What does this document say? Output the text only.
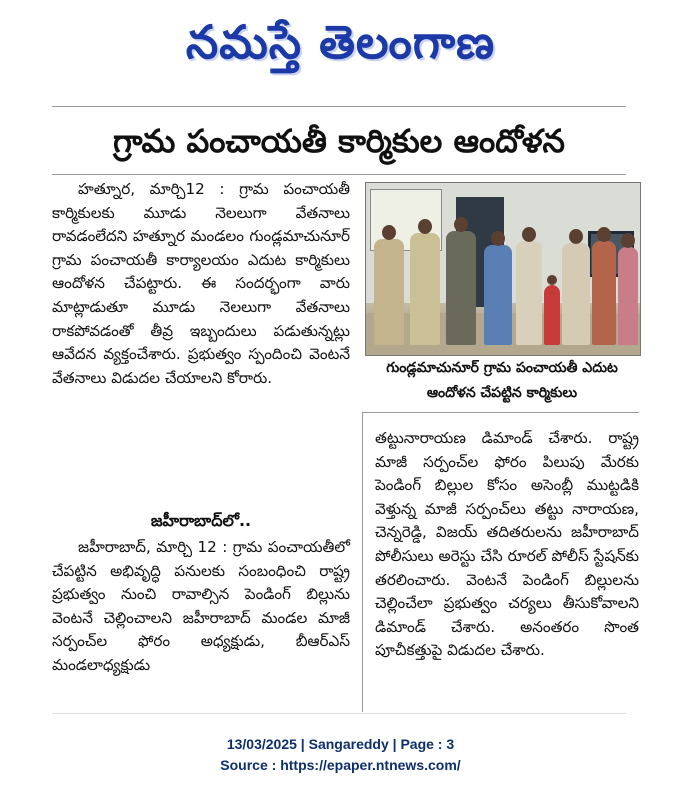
నమస్తే తెలంగాణ
గ్రామ పంచాయతీ కార్మికుల ఆందోళన

హత్నూర, మార్చి12 : గ్రామ పంచాయతీ కార్మికులకు మూడు నెలలుగా వేతనాలు రావడంలేదని హత్నూర మండలం గుండ్లమాచునూర్ గ్రామ పంచాయతీ కార్యాలయం ఎదుట కార్మికులు ఆందోళన చేపట్టారు. ఈ సందర్భంగా వారు మాట్లాడుతూ మూడు నెలలుగా వేతనాలు రాకపోవడంతో తీవ్ర ఇబ్బందులు పడుతున్నట్లు ఆవేదన వ్యక్తంచేశారు. ప్రభుత్వం స్పందించి వెంటనే వేతనాలు విడుదల చేయాలని కోరారు.

గుండ్లమాచునూర్ గ్రామ పంచాయతీ ఎదుట
ఆందోళన చేపట్టిన కార్మికులు
జహీరాబాద్‌లో..

జహీరాబాద్, మార్చి 12 : గ్రామ పంచాయతీలో చేపట్టిన అభివృద్ధి పనులకు సంబంధించి రాష్ట్ర ప్రభుత్వం నుంచి రావాల్సిన పెండింగ్ బిల్లును వెంటనే చెల్లించాలని జహీరాబాద్ మండల మాజీ సర్పంచ్‌ల ఫోరం అధ్యక్షుడు, బీఆర్ఎస్ మండలాధ్యక్షుడు

తట్టునారాయణ డిమాండ్ చేశారు. రాష్ట్ర మాజీ సర్పంచ్‌ల ఫోరం పిలుపు మేరకు పెండింగ్ బిల్లుల కోసం అసెంబ్లీ ముట్టడికి వెళ్తున్న మాజీ సర్పంచ్‌లు తట్టు నారాయణ, చెన్నరెడ్డి, విజయ్ తదితరులను జహీరాబాద్ పోలీసులు అరెస్టు చేసి రూరల్ పోలీస్ స్టేషన్‌కు తరలించారు. వెంటనే పెండింగ్ బిల్లులను చెల్లించేలా ప్రభుత్వం చర్యలు తీసుకోవాలని డిమాండ్ చేశారు. అనంతరం సొంత పూచీకత్తుపై విడుదల చేశారు.

13/03/2025 | Sangareddy | Page : 3
Source : https://epaper.ntnews.com/
